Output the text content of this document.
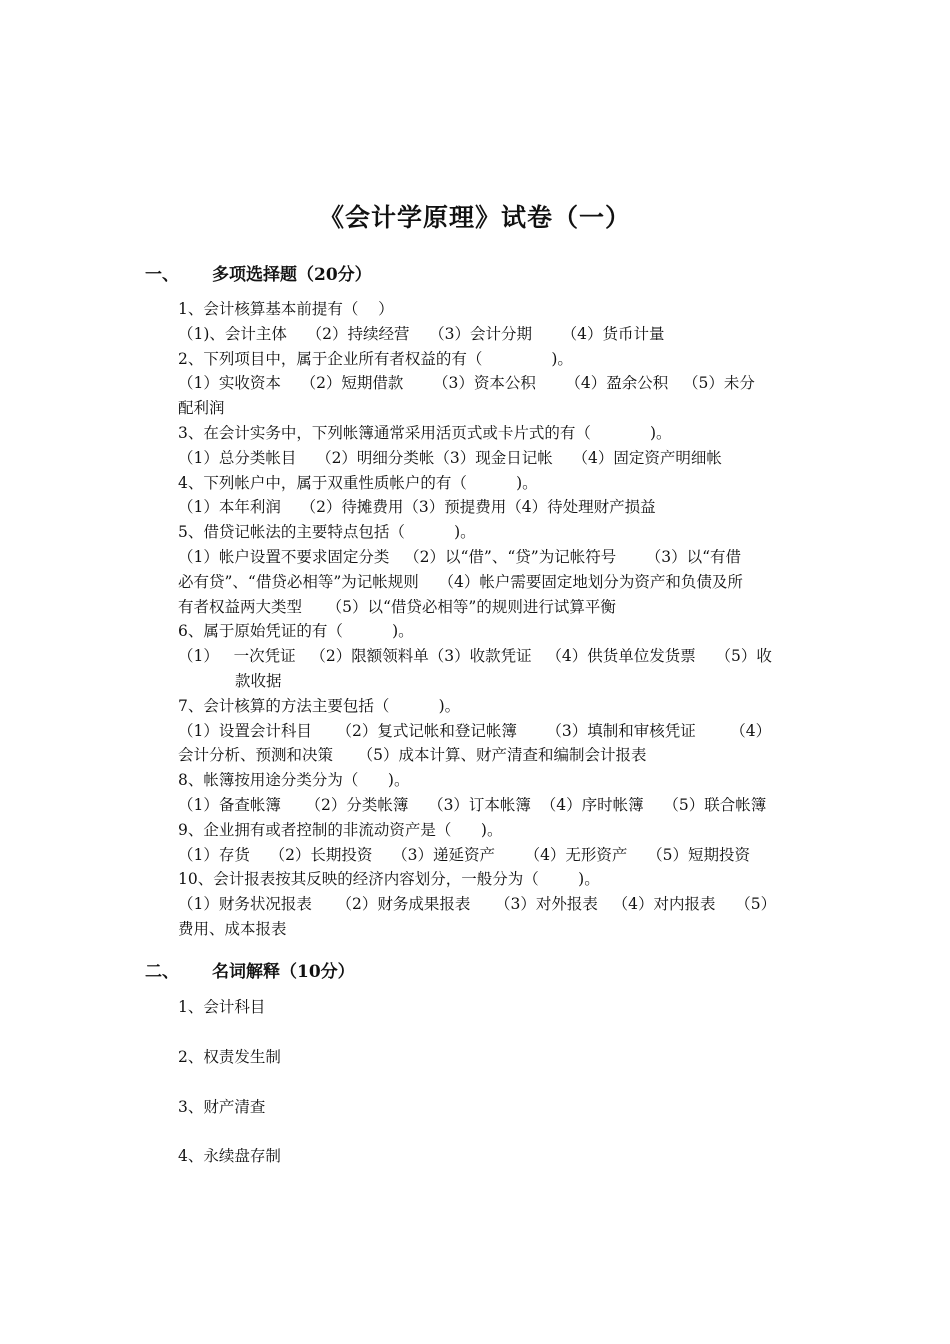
《会计学原理》试卷（一）
一、 多项选择题（20分）
1、会计核算基本前提有（    ）
（1)、会计主体    （2）持续经营    （3）会计分期      （4）货币计量
2、下列项目中，属于企业所有者权益的有（              )。
（1）实收资本    （2）短期借款      （3）资本公积      （4）盈余公积   （5）未分
配利润
3、在会计实务中，下列帐簿通常采用活页式或卡片式的有（            )。
（1）总分类帐目    （2）明细分类帐（3）现金日记帐    （4）固定资产明细帐
4、下列帐户中，属于双重性质帐户的有（          )。
（1）本年利润    （2）待摊费用（3）预提费用（4）待处理财产损益
5、借贷记帐法的主要特点包括（          )。
（1）帐户设置不要求固定分类   （2）以“借”、“贷”为记帐符号      （3）以“有借
必有贷”、“借贷必相等”为记帐规则    （4）帐户需要固定地划分为资产和负债及所
有者权益两大类型     （5）以“借贷必相等”的规则进行试算平衡
6、属于原始凭证的有（          )。
（1）   一次凭证   （2）限额领料单（3）收款凭证   （4）供货单位发货票    （5）收
款收据
7、会计核算的方法主要包括（          )。
（1）设置会计科目     （2）复式记帐和登记帐簿      （3）填制和审核凭证       （4）
会计分析、预测和决策     （5）成本计算、财产清查和编制会计报表
8、帐簿按用途分类分为（      )。
（1）备查帐簿     （2）分类帐簿    （3）订本帐簿  （4）序时帐簿    （5）联合帐簿
9、企业拥有或者控制的非流动资产是（      )。
（1）存货    （2）长期投资    （3）递延资产      （4）无形资产    （5）短期投资
10、会计报表按其反映的经济内容划分，一般分为（        )。
（1）财务状况报表     （2）财务成果报表     （3）对外报表   （4）对内报表    （5）
费用、成本报表
二、 名词解释（10分）
1、会计科目
2、权责发生制
3、财产清查
4、永续盘存制
